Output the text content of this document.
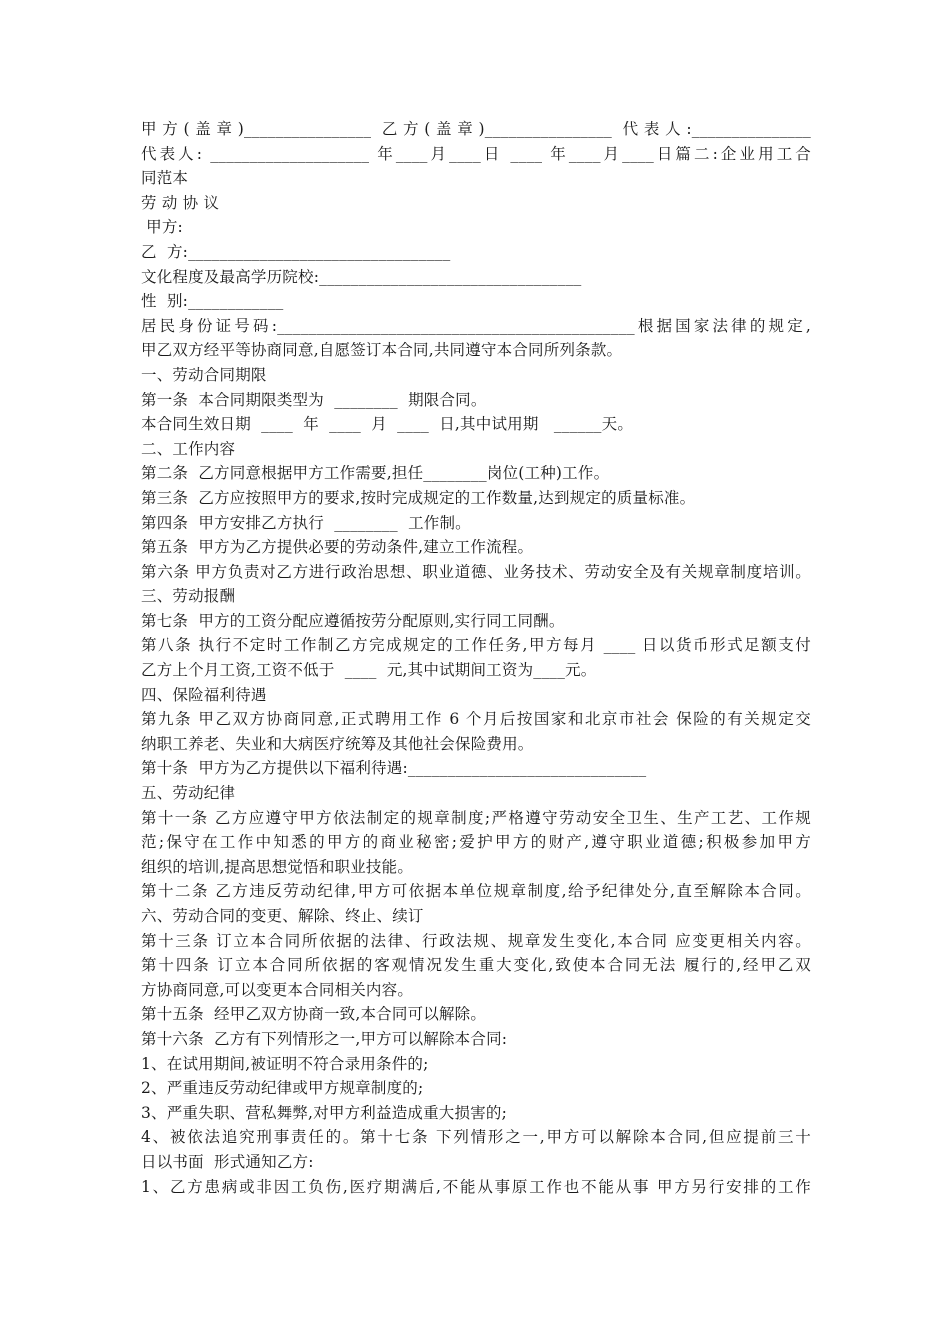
甲方(盖章)________________ 乙方(盖章)________________ 代表人:_______________
代表人: ____________________ 年____月____日 ____ 年____月____日篇二:企业用工合
同范本
劳 动 协 议
甲方:
乙  方:_________________________________
文化程度及最高学历院校:_________________________________
性  别:____________
居民身份证号码:_____________________________________________根据国家法律的规定,
甲乙双方经平等协商同意,自愿签订本合同,共同遵守本合同所列条款。
一、劳动合同期限
第一条  本合同期限类型为  ________  期限合同。
本合同生效日期  ____  年  ____  月  ____  日,其中试用期   ______天。
二、工作内容
第二条  乙方同意根据甲方工作需要,担任________岗位(工种)工作。
第三条  乙方应按照甲方的要求,按时完成规定的工作数量,达到规定的质量标准。
第四条  甲方安排乙方执行  ________  工作制。
第五条  甲方为乙方提供必要的劳动条件,建立工作流程。
第六条 甲方负责对乙方进行政治思想、职业道德、业务技术、劳动安全及有关规章制度培训。
三、劳动报酬
第七条  甲方的工资分配应遵循按劳分配原则,实行同工同酬。
第八条 执行不定时工作制乙方完成规定的工作任务,甲方每月 ____ 日以货币形式足额支付
乙方上个月工资,工资不低于  ____  元,其中试期间工资为____元。
四、保险福利待遇
第九条 甲乙双方协商同意,正式聘用工作 6 个月后按国家和北京市社会 保险的有关规定交
纳职工养老、失业和大病医疗统筹及其他社会保险费用。
第十条  甲方为乙方提供以下福利待遇:______________________________
五、劳动纪律
第十一条 乙方应遵守甲方依法制定的规章制度;严格遵守劳动安全卫生、生产工艺、工作规
范;保守在工作中知悉的甲方的商业秘密;爱护甲方的财产,遵守职业道德;积极参加甲方
组织的培训,提高思想觉悟和职业技能。
第十二条 乙方违反劳动纪律,甲方可依据本单位规章制度,给予纪律处分,直至解除本合同。
六、劳动合同的变更、解除、终止、续订
第十三条 订立本合同所依据的法律、行政法规、规章发生变化,本合同 应变更相关内容。
第十四条 订立本合同所依据的客观情况发生重大变化,致使本合同无法 履行的,经甲乙双
方协商同意,可以变更本合同相关内容。
第十五条  经甲乙双方协商一致,本合同可以解除。
第十六条  乙方有下列情形之一,甲方可以解除本合同:
1、在试用期间,被证明不符合录用条件的;
2、严重违反劳动纪律或甲方规章制度的;
3、严重失职、营私舞弊,对甲方利益造成重大损害的;
4、被依法追究刑事责任的。第十七条 下列情形之一,甲方可以解除本合同,但应提前三十
日以书面  形式通知乙方:
1、乙方患病或非因工负伤,医疗期满后,不能从事原工作也不能从事 甲方另行安排的工作
